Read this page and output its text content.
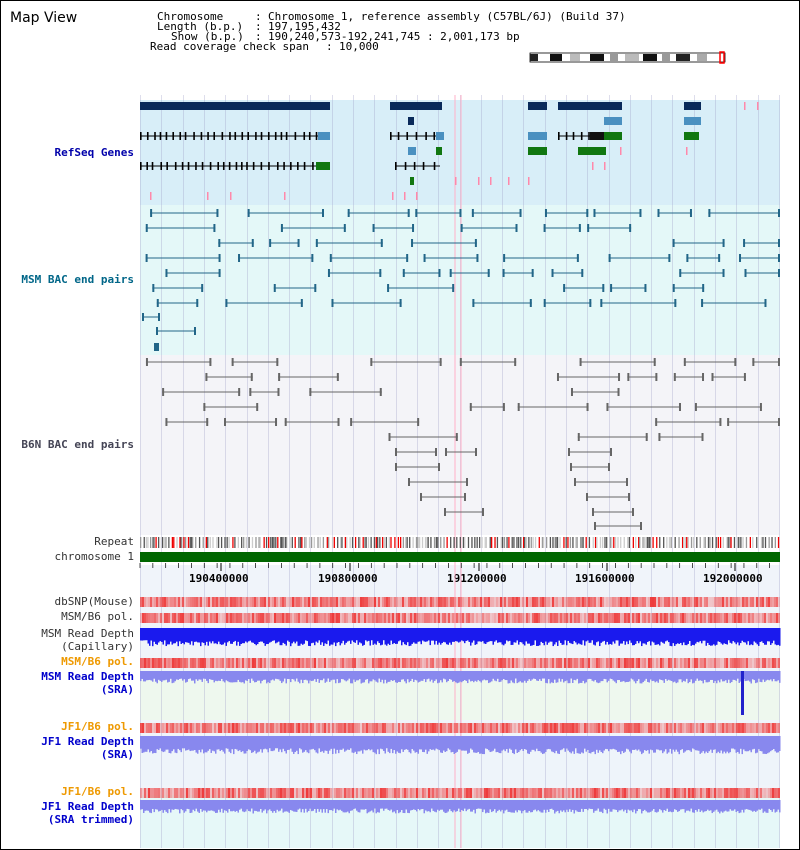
Map View	Chromosome	: Chromosome 1, reference assembly (C57BL/6J) (Build 37)
Length (b.p.) : 197,195,432
Show (b.p.) : 190,240,573-192,241,745 : 2,001,173 bp
Read coverage check span : 10,000
RefSeq Genes
MSM BAC end pairs
B6N BAC end pairs
Repeat
chromosome 1
dbSNP(Mouse)
MSM/B6 pol.
MSM Read Depth
(Capillary)
MSM/B6 pol.
MSM Read Depth
(SRA)
JF1/B6 pol.
JF1 Read Depth
(SRA)
JF1/B6 pol.
JF1 Read Depth
(SRA trimmed)
190400000	190800000	191200000	191600000	192000000
